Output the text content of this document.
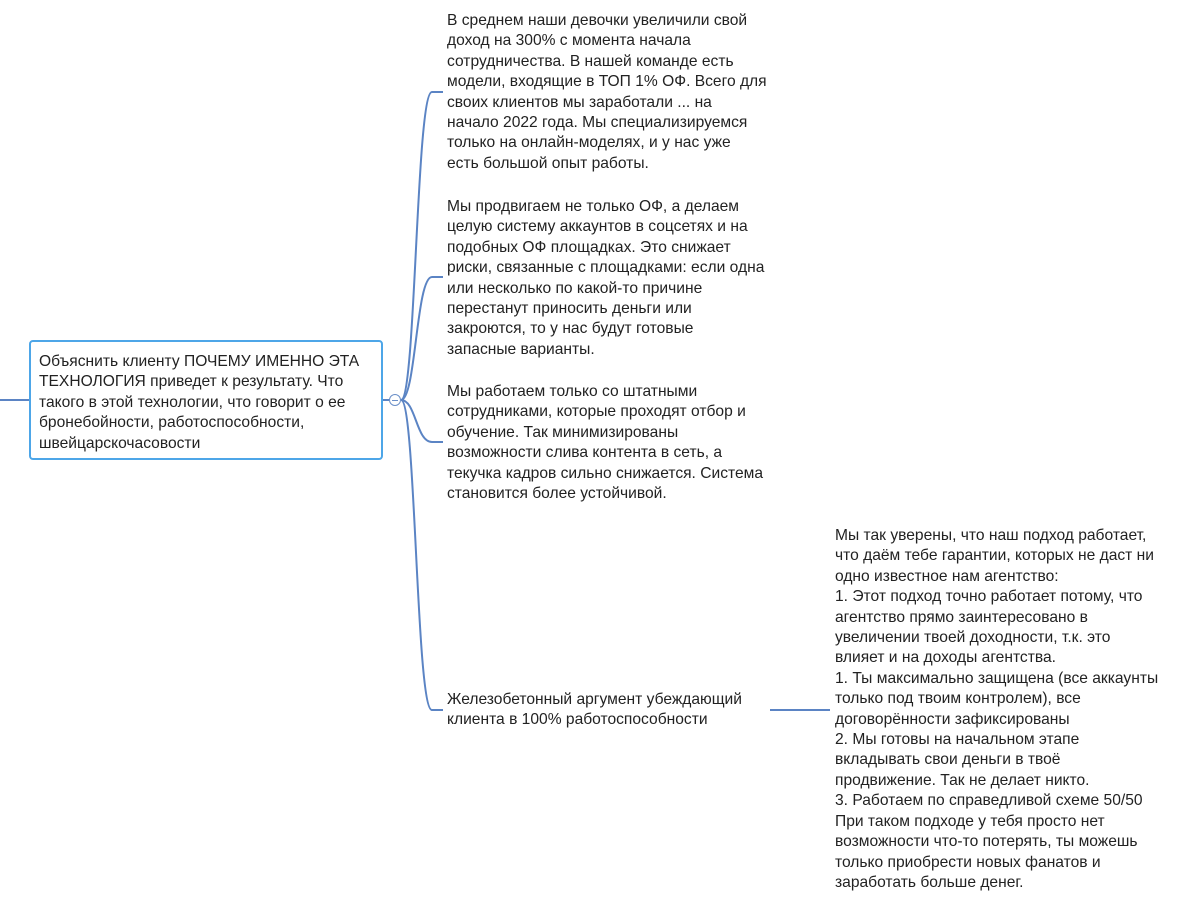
Объяснить клиенту ПОЧЕМУ ИМЕННО ЭТА
ТЕХНОЛОГИЯ приведет к результату. Что
такого в этой технологии, что говорит о ее
бронебойности, работоспособности,
швейцарскочасовости
В среднем наши девочки увеличили свой
доход на 300% с момента начала
сотрудничества. В нашей команде есть
модели, входящие в ТОП 1% ОФ. Всего для
своих клиентов мы заработали ... на
начало 2022 года. Мы специализируемся
только на онлайн-моделях, и у нас уже
есть большой опыт работы.
Мы продвигаем не только ОФ, а делаем
целую систему аккаунтов в соцсетях и на
подобных ОФ площадках. Это снижает
риски, связанные с площадками: если одна
или несколько по какой-то причине
перестанут приносить деньги или
закроются, то у нас будут готовые
запасные варианты.
Мы работаем только со штатными
сотрудниками, которые проходят отбор и
обучение. Так минимизированы
возможности слива контента в сеть, а
текучка кадров сильно снижается. Система
становится более устойчивой.
Железобетонный аргумент убеждающий
клиента в 100% работоспособности
Мы так уверены, что наш подход работает,
что даём тебе гарантии, которых не даст ни
одно известное нам агентство:
1. Этот подход точно работает потому, что
агентство прямо заинтересовано в
увеличении твоей доходности, т.к. это
влияет и на доходы агентства.
1. Ты максимально защищена (все аккаунты
только под твоим контролем), все
договорённости зафиксированы
2. Мы готовы на начальном этапе
вкладывать свои деньги в твоё
продвижение. Так не делает никто.
3. Работаем по справедливой схеме 50/50
При таком подходе у тебя просто нет
возможности что-то потерять, ты можешь
только приобрести новых фанатов и
заработать больше денег.
